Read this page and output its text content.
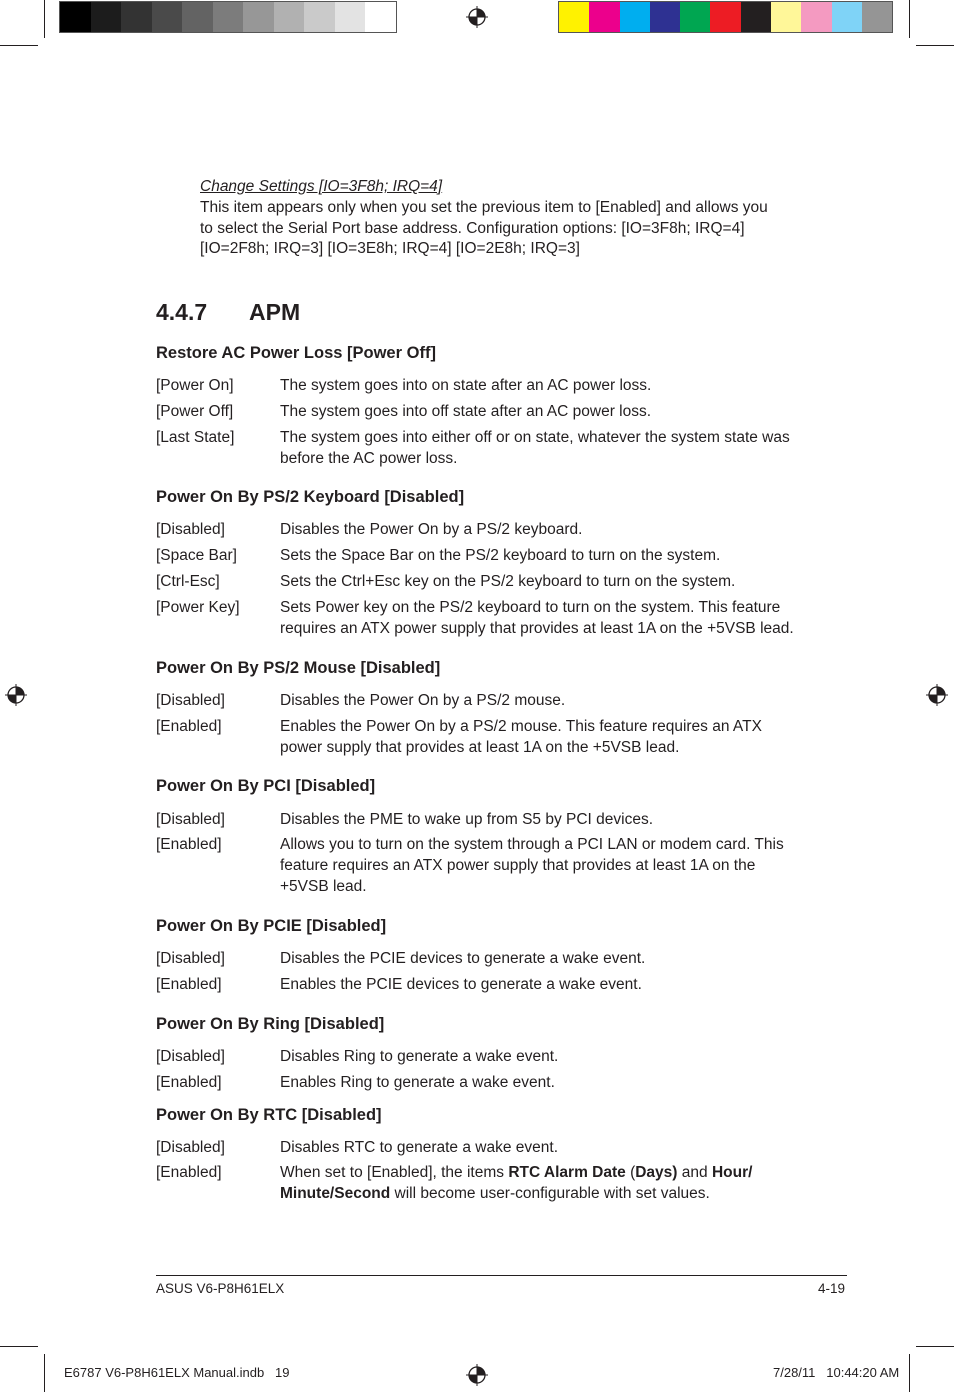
Change Settings [IO=3F8h; IRQ=4]
This item appears only when you set the previous item to [Enabled] and allows you
to select the Serial Port base address. Configuration options: [IO=3F8h; IRQ=4]
[IO=2F8h; IRQ=3] [IO=3E8h; IRQ=4] [IO=2E8h; IRQ=3]
4.4.7 APM
Restore AC Power Loss [Power Off]
[Power On]	The system goes into on state after an AC power loss.
[Power Off]	The system goes into off state after an AC power loss.
[Last State]	The system goes into either off or on state, whatever the system state was
before the AC power loss.
Power On By PS/2 Keyboard [Disabled]
[Disabled]	Disables the Power On by a PS/2 keyboard.
[Space Bar]	Sets the Space Bar on the PS/2 keyboard to turn on the system.
[Ctrl-Esc]	Sets the Ctrl+Esc key on the PS/2 keyboard to turn on the system.
[Power Key]	Sets Power key on the PS/2 keyboard to turn on the system. This feature
requires an ATX power supply that provides at least 1A on the +5VSB lead.
Power On By PS/2 Mouse [Disabled]
[Disabled]	Disables the Power On by a PS/2 mouse.
[Enabled]	Enables the Power On by a PS/2 mouse. This feature requires an ATX
power supply that provides at least 1A on the +5VSB lead.
Power On By PCI [Disabled]
[Disabled]	Disables the PME to wake up from S5 by PCI devices.
[Enabled]	Allows you to turn on the system through a PCI LAN or modem card. This
feature requires an ATX power supply that provides at least 1A on the
+5VSB lead.
Power On By PCIE [Disabled]
[Disabled]	Disables the PCIE devices to generate a wake event.
[Enabled]	Enables the PCIE devices to generate a wake event.
Power On By Ring [Disabled]
[Disabled]	Disables Ring to generate a wake event.
[Enabled]	Enables Ring to generate a wake event.
Power On By RTC [Disabled]
[Disabled]	Disables RTC to generate a wake event.
[Enabled]	When set to [Enabled], the items RTC Alarm Date (Days) and Hour/
Minute/Second will become user-configurable with set values.
ASUS V6-P8H61ELX	4-19
E6787 V6-P8H61ELX Manual.indb   19	7/28/11   10:44:20 AM
